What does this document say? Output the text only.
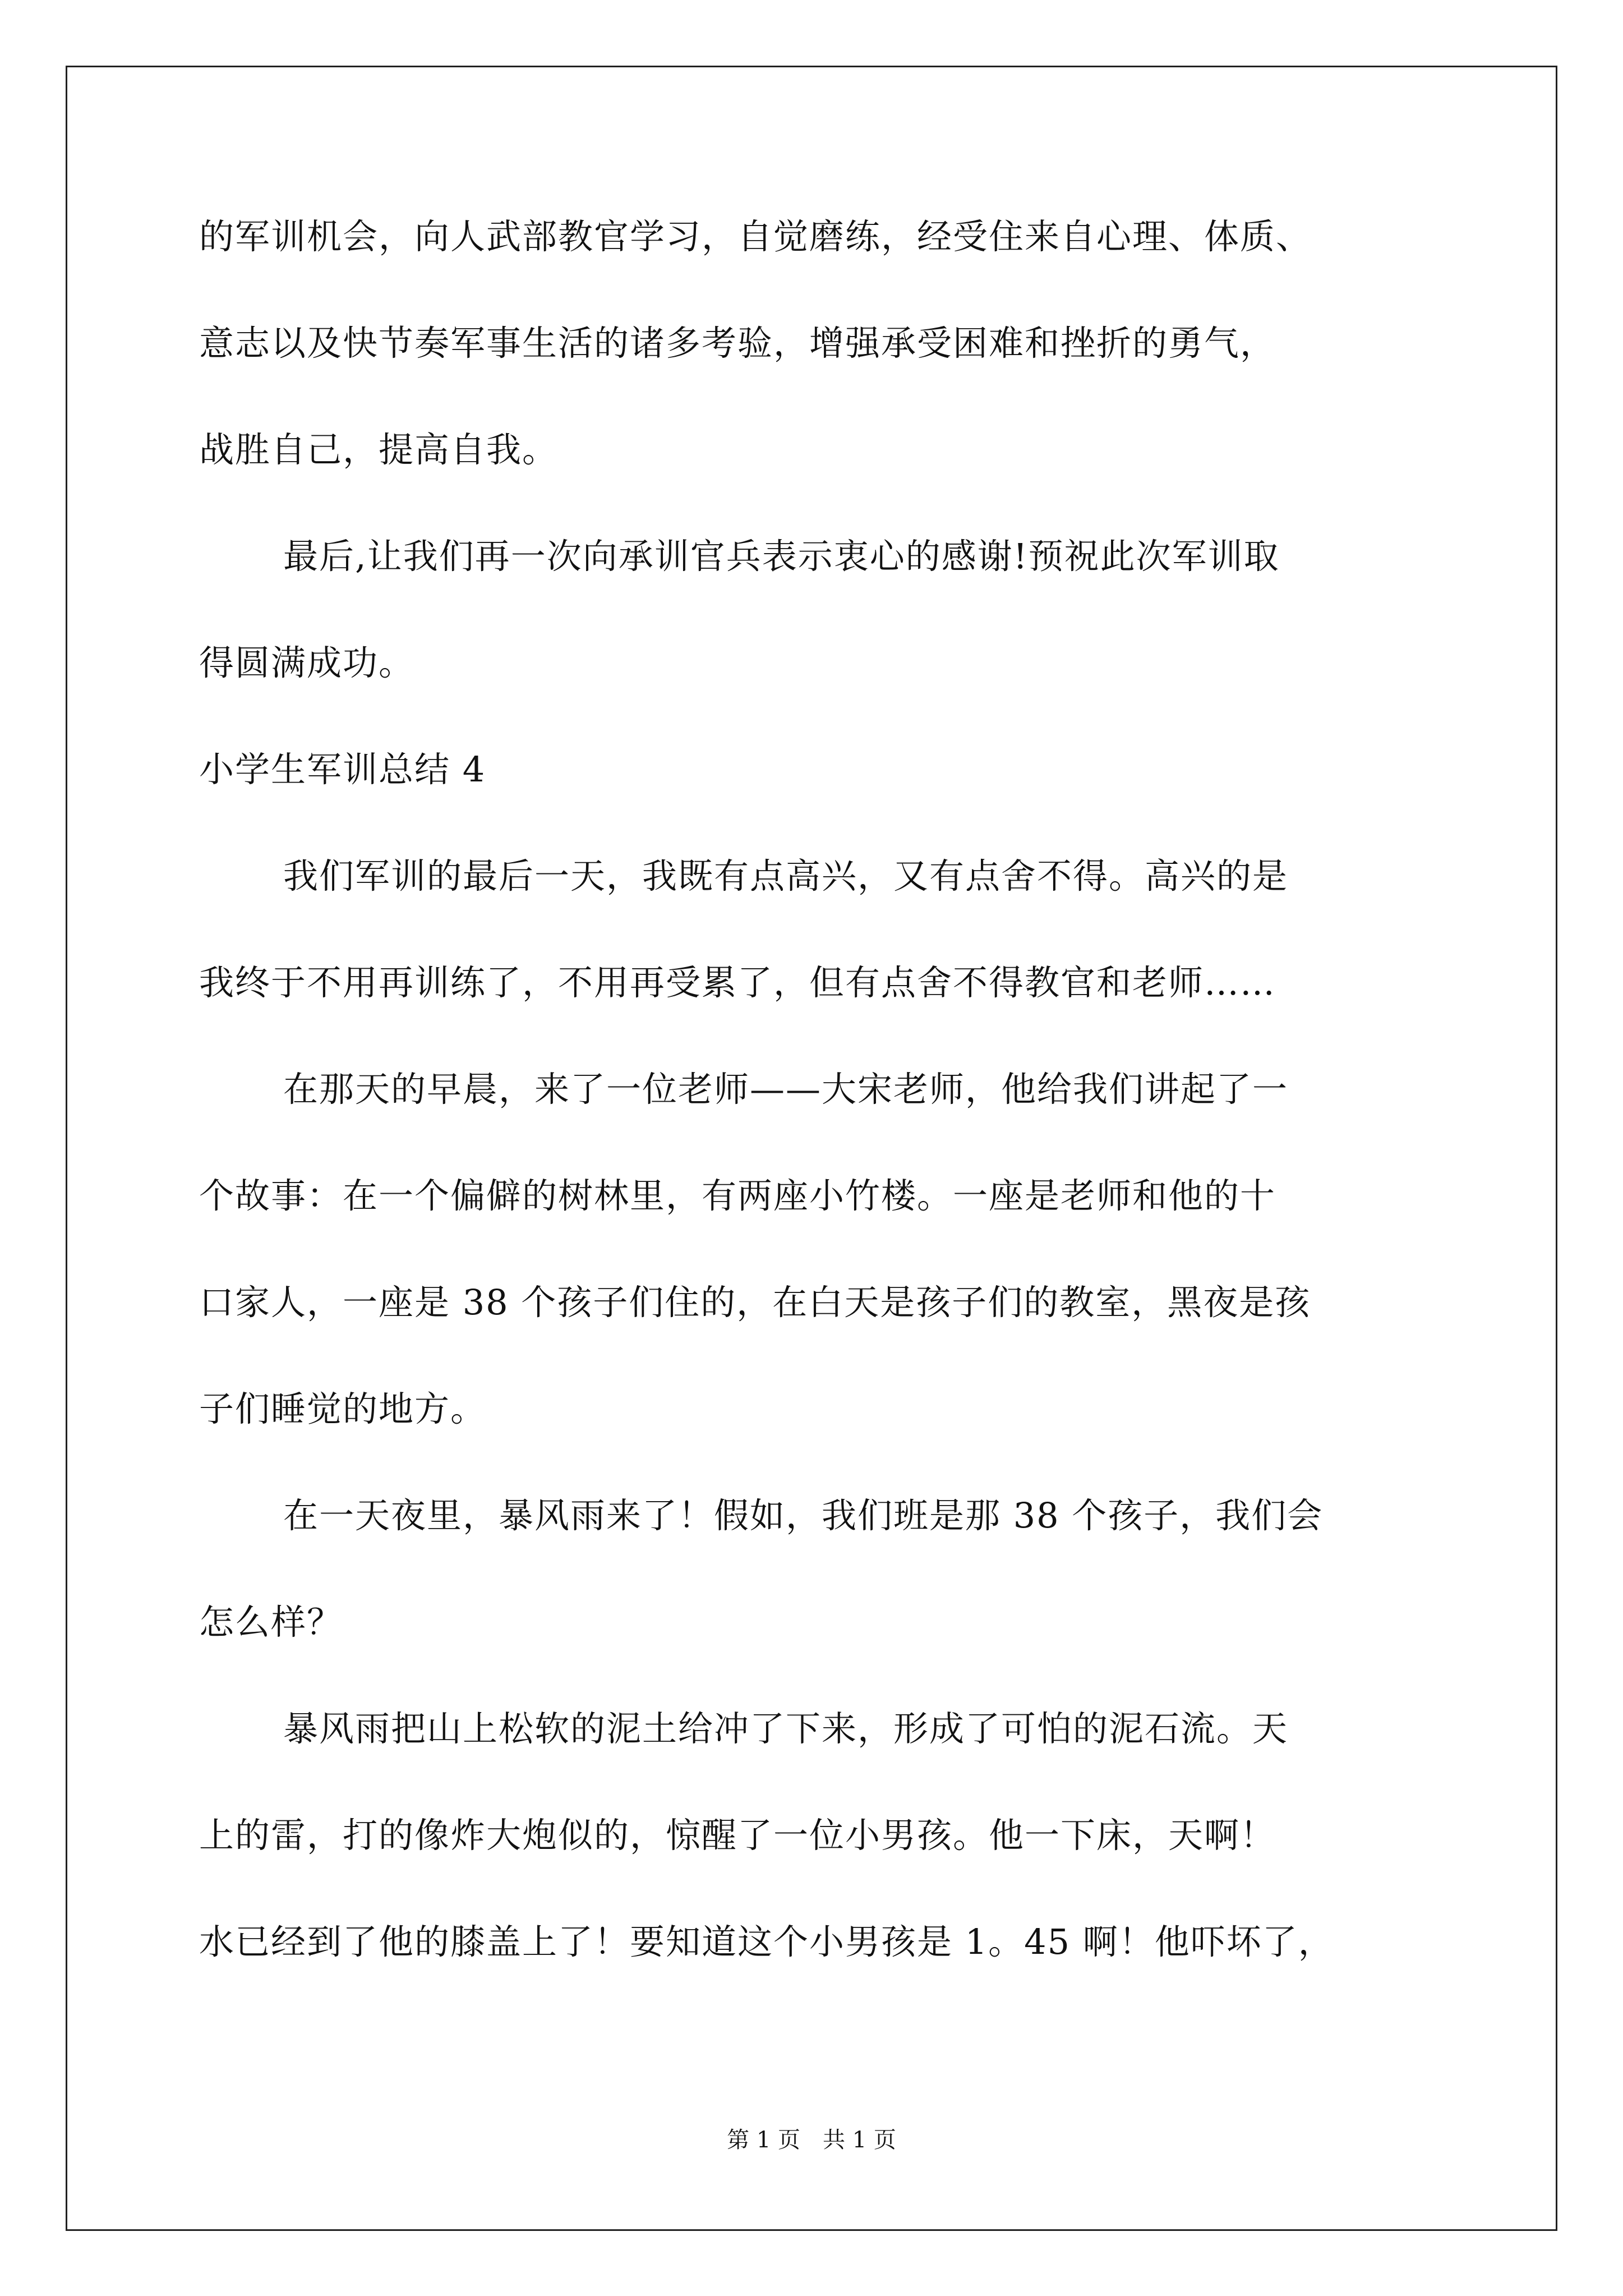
的军训机会，向人武部教官学习，自觉磨练，经受住来自心理、体质、
意志以及快节奏军事生活的诸多考验，增强承受困难和挫折的勇气，
战胜自己，提高自我。
最后,让我们再一次向承训官兵表示衷心的感谢!预祝此次军训取
得圆满成功。
小学生军训总结 4
我们军训的最后一天，我既有点高兴，又有点舍不得。高兴的是
我终于不用再训练了，不用再受累了，但有点舍不得教官和老师……
在那天的早晨，来了一位老师——大宋老师，他给我们讲起了一
个故事：在一个偏僻的树林里，有两座小竹楼。一座是老师和他的十
口家人，一座是 38 个孩子们住的，在白天是孩子们的教室，黑夜是孩
子们睡觉的地方。
在一天夜里，暴风雨来了！假如，我们班是那 38 个孩子，我们会
怎么样？
暴风雨把山上松软的泥土给冲了下来，形成了可怕的泥石流。天
上的雷，打的像炸大炮似的，惊醒了一位小男孩。他一下床，天啊！
水已经到了他的膝盖上了！要知道这个小男孩是 1。45 啊！他吓坏了，
第 1 页　共 1 页
